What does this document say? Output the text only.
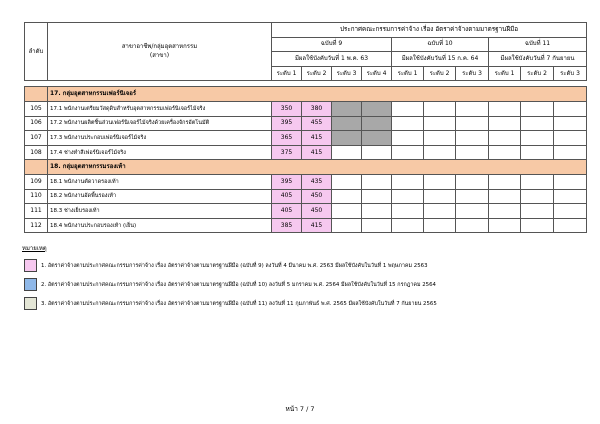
ลำดับ	สาขาอาชีพ/กลุ่มอุตสาหกรรม
(สาขา)	ประกาศคณะกรรมการค่าจ้าง เรื่อง อัตราค่าจ้างตามมาตรฐานฝีมือ									
		ฉบับที่ 9				ฉบับที่ 10			ฉบับที่ 11		
		มีผลใช้บังคับวันที่ 1 พ.ค. 63				มีผลใช้บังคับวันที่ 15 ก.ค. 64			มีผลใช้บังคับวันที่ 7 กันยายน		
		ระดับ 1	ระดับ 2	ระดับ 3	ระดับ 4	ระดับ 1	ระดับ 2	ระดับ 3	ระดับ 1	ระดับ 2	ระดับ 3

	17. กลุ่มอุตสาหกรรมเฟอร์นิเจอร์										
105	17.1 พนักงานเตรียมวัสดุดิบสำหรับอุตสาหกรรมเฟอร์นิเจอร์ไม้จริง	350	380								
106	17.2 พนักงานผลิตชิ้นส่วนเฟอร์นิเจอร์ไม้จริงด้วยเครื่องจักรอัตโนมัติ	395	455								
107	17.3 พนักงานประกอบเฟอร์นิเจอร์ไม้จริง	365	415								
108	17.4 ช่างทำสีเฟอร์นิเจอร์ไม้จริง	375	415								
	18. กลุ่มอุตสาหกรรมรองเท้า										
109	18.1 พนักงานตัดวาดรองเท้า	395	435								
110	18.2 พนักงานอัดพื้นรองเท้า	405	450								
111	18.3 ช่างเย็บรองเท้า	405	450								
112	18.4 พนักงานประกอบรองเท้า (เย็น)	385	415								
หมายเหตุ
1. อัตราค่าจ้างตามประกาศคณะกรรมการค่าจ้าง เรื่อง อัตราค่าจ้างตามมาตรฐานฝีมือ (ฉบับที่ 9) ลงวันที่ 4 มีนาคม พ.ศ. 2563 มีผลใช้บังคับในวันที่ 1 พฤษภาคม 2563
2. อัตราค่าจ้างตามประกาศคณะกรรมการค่าจ้าง เรื่อง อัตราค่าจ้างตามมาตรฐานฝีมือ (ฉบับที่ 10) ลงวันที่ 5 มกราคม พ.ศ. 2564 มีผลใช้บังคับในวันที่ 15 กรกฎาคม 2564
3. อัตราค่าจ้างตามประกาศคณะกรรมการค่าจ้าง เรื่อง อัตราค่าจ้างตามมาตรฐานฝีมือ (ฉบับที่ 11) ลงวันที่ 11 กุมภาพันธ์ พ.ศ. 2565 มีผลใช้บังคับในวันที่ 7 กันยายน 2565
หน้า 7 / 7
